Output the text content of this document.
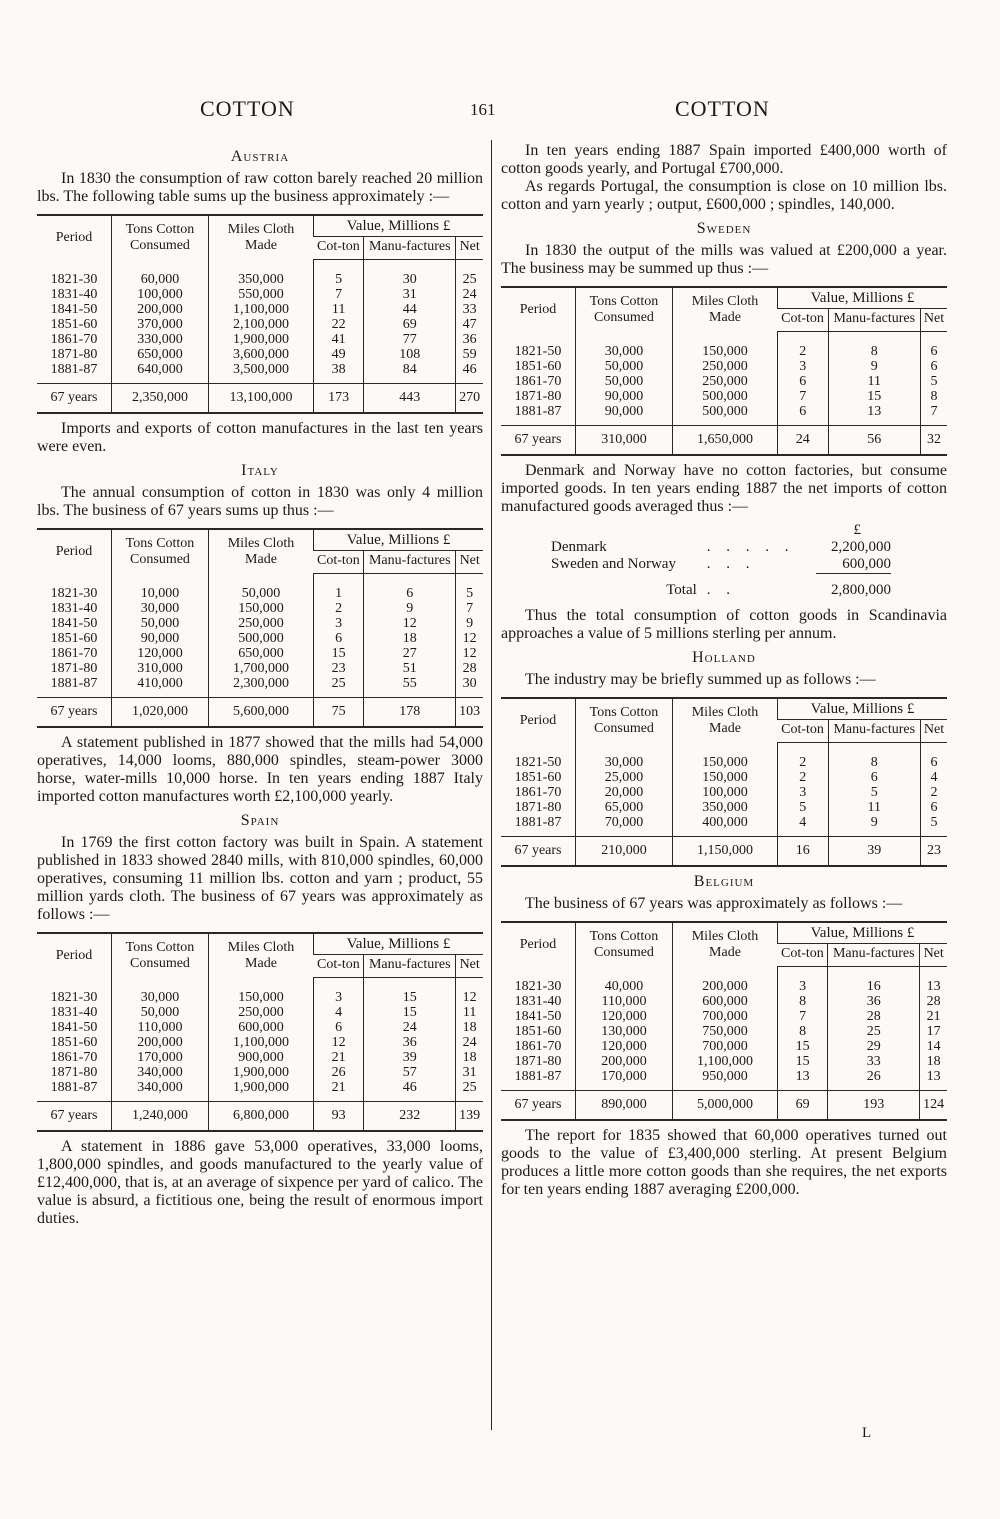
COTTON	161	COTTON
Austria

In 1830 the consumption of raw cotton barely reached 20 million lbs. The following table sums up the business approximately :—

Period	Tons Cotton Consumed	Miles Cloth Made	Value, Millions £		
			Cot-ton	Manu-factures	Net
1821-30	60,000	350,000	5	30	25
1831-40	100,000	550,000	7	31	24
1841-50	200,000	1,100,000	11	44	33
1851-60	370,000	2,100,000	22	69	47
1861-70	330,000	1,900,000	41	77	36
1871-80	650,000	3,600,000	49	108	59
1881-87	640,000	3,500,000	38	84	46
67 years	2,350,000	13,100,000	173	443	270

Imports and exports of cotton manufactures in the last ten years were even.

Italy

The annual consumption of cotton in 1830 was only 4 million lbs. The business of 67 years sums up thus :—

Period	Tons Cotton Consumed	Miles Cloth Made	Value, Millions £		
			Cot-ton	Manu-factures	Net
1821-30	10,000	50,000	1	6	5
1831-40	30,000	150,000	2	9	7
1841-50	50,000	250,000	3	12	9
1851-60	90,000	500,000	6	18	12
1861-70	120,000	650,000	15	27	12
1871-80	310,000	1,700,000	23	51	28
1881-87	410,000	2,300,000	25	55	30
67 years	1,020,000	5,600,000	75	178	103

A statement published in 1877 showed that the mills had 54,000 operatives, 14,000 looms, 880,000 spindles, steam-power 3000 horse, water-mills 10,000 horse. In ten years ending 1887 Italy imported cotton manufactures worth £2,100,000 yearly.

Spain

In 1769 the first cotton factory was built in Spain. A statement published in 1833 showed 2840 mills, with 810,000 spindles, 60,000 operatives, consuming 11 million lbs. cotton and yarn ; product, 55 million yards cloth. The business of 67 years was approximately as follows :—

Period	Tons Cotton Consumed	Miles Cloth Made	Value, Millions £		
			Cot-ton	Manu-factures	Net
1821-30	30,000	150,000	3	15	12
1831-40	50,000	250,000	4	15	11
1841-50	110,000	600,000	6	24	18
1851-60	200,000	1,100,000	12	36	24
1861-70	170,000	900,000	21	39	18
1871-80	340,000	1,900,000	26	57	31
1881-87	340,000	1,900,000	21	46	25
67 years	1,240,000	6,800,000	93	232	139

A statement in 1886 gave 53,000 operatives, 33,000 looms, 1,800,000 spindles, and goods manufactured to the yearly value of £12,400,000, that is, at an average of sixpence per yard of calico. The value is absurd, a fictitious one, being the result of enormous import duties.

In ten years ending 1887 Spain imported £400,000 worth of cotton goods yearly, and Portugal £700,000.

As regards Portugal, the consumption is close on 10 million lbs. cotton and yarn yearly ; output, £600,000 ; spindles, 140,000.

Sweden

In 1830 the output of the mills was valued at £200,000 a year. The business may be summed up thus :—

Period	Tons Cotton Consumed	Miles Cloth Made	Value, Millions £		
			Cot-ton	Manu-factures	Net
1821-50	30,000	150,000	2	8	6
1851-60	50,000	250,000	3	9	6
1861-70	50,000	250,000	6	11	5
1871-80	90,000	500,000	7	15	8
1881-87	90,000	500,000	6	13	7
67 years	310,000	1,650,000	24	56	32

Denmark and Norway have no cotton factories, but consume imported goods. In ten years ending 1887 the net imports of cotton manufactured goods averaged thus :—

£		
Denmark	. . . . .	2,200,000
Sweden and Norway	. . .	600,000
Total	. .	2,800,000

Thus the total consumption of cotton goods in Scandinavia approaches a value of 5 millions sterling per annum.

Holland

The industry may be briefly summed up as follows :—

Period	Tons Cotton Consumed	Miles Cloth Made	Value, Millions £		
			Cot-ton	Manu-factures	Net
1821-50	30,000	150,000	2	8	6
1851-60	25,000	150,000	2	6	4
1861-70	20,000	100,000	3	5	2
1871-80	65,000	350,000	5	11	6
1881-87	70,000	400,000	4	9	5
67 years	210,000	1,150,000	16	39	23
Belgium

The business of 67 years was approximately as follows :—

Period	Tons Cotton Consumed	Miles Cloth Made	Value, Millions £		
			Cot-ton	Manu-factures	Net
1821-30	40,000	200,000	3	16	13
1831-40	110,000	600,000	8	36	28
1841-50	120,000	700,000	7	28	21
1851-60	130,000	750,000	8	25	17
1861-70	120,000	700,000	15	29	14
1871-80	200,000	1,100,000	15	33	18
1881-87	170,000	950,000	13	26	13
67 years	890,000	5,000,000	69	193	124

The report for 1835 showed that 60,000 operatives turned out goods to the value of £3,400,000 sterling. At present Belgium produces a little more cotton goods than she requires, the net exports for ten years ending 1887 averaging £200,000.

L
